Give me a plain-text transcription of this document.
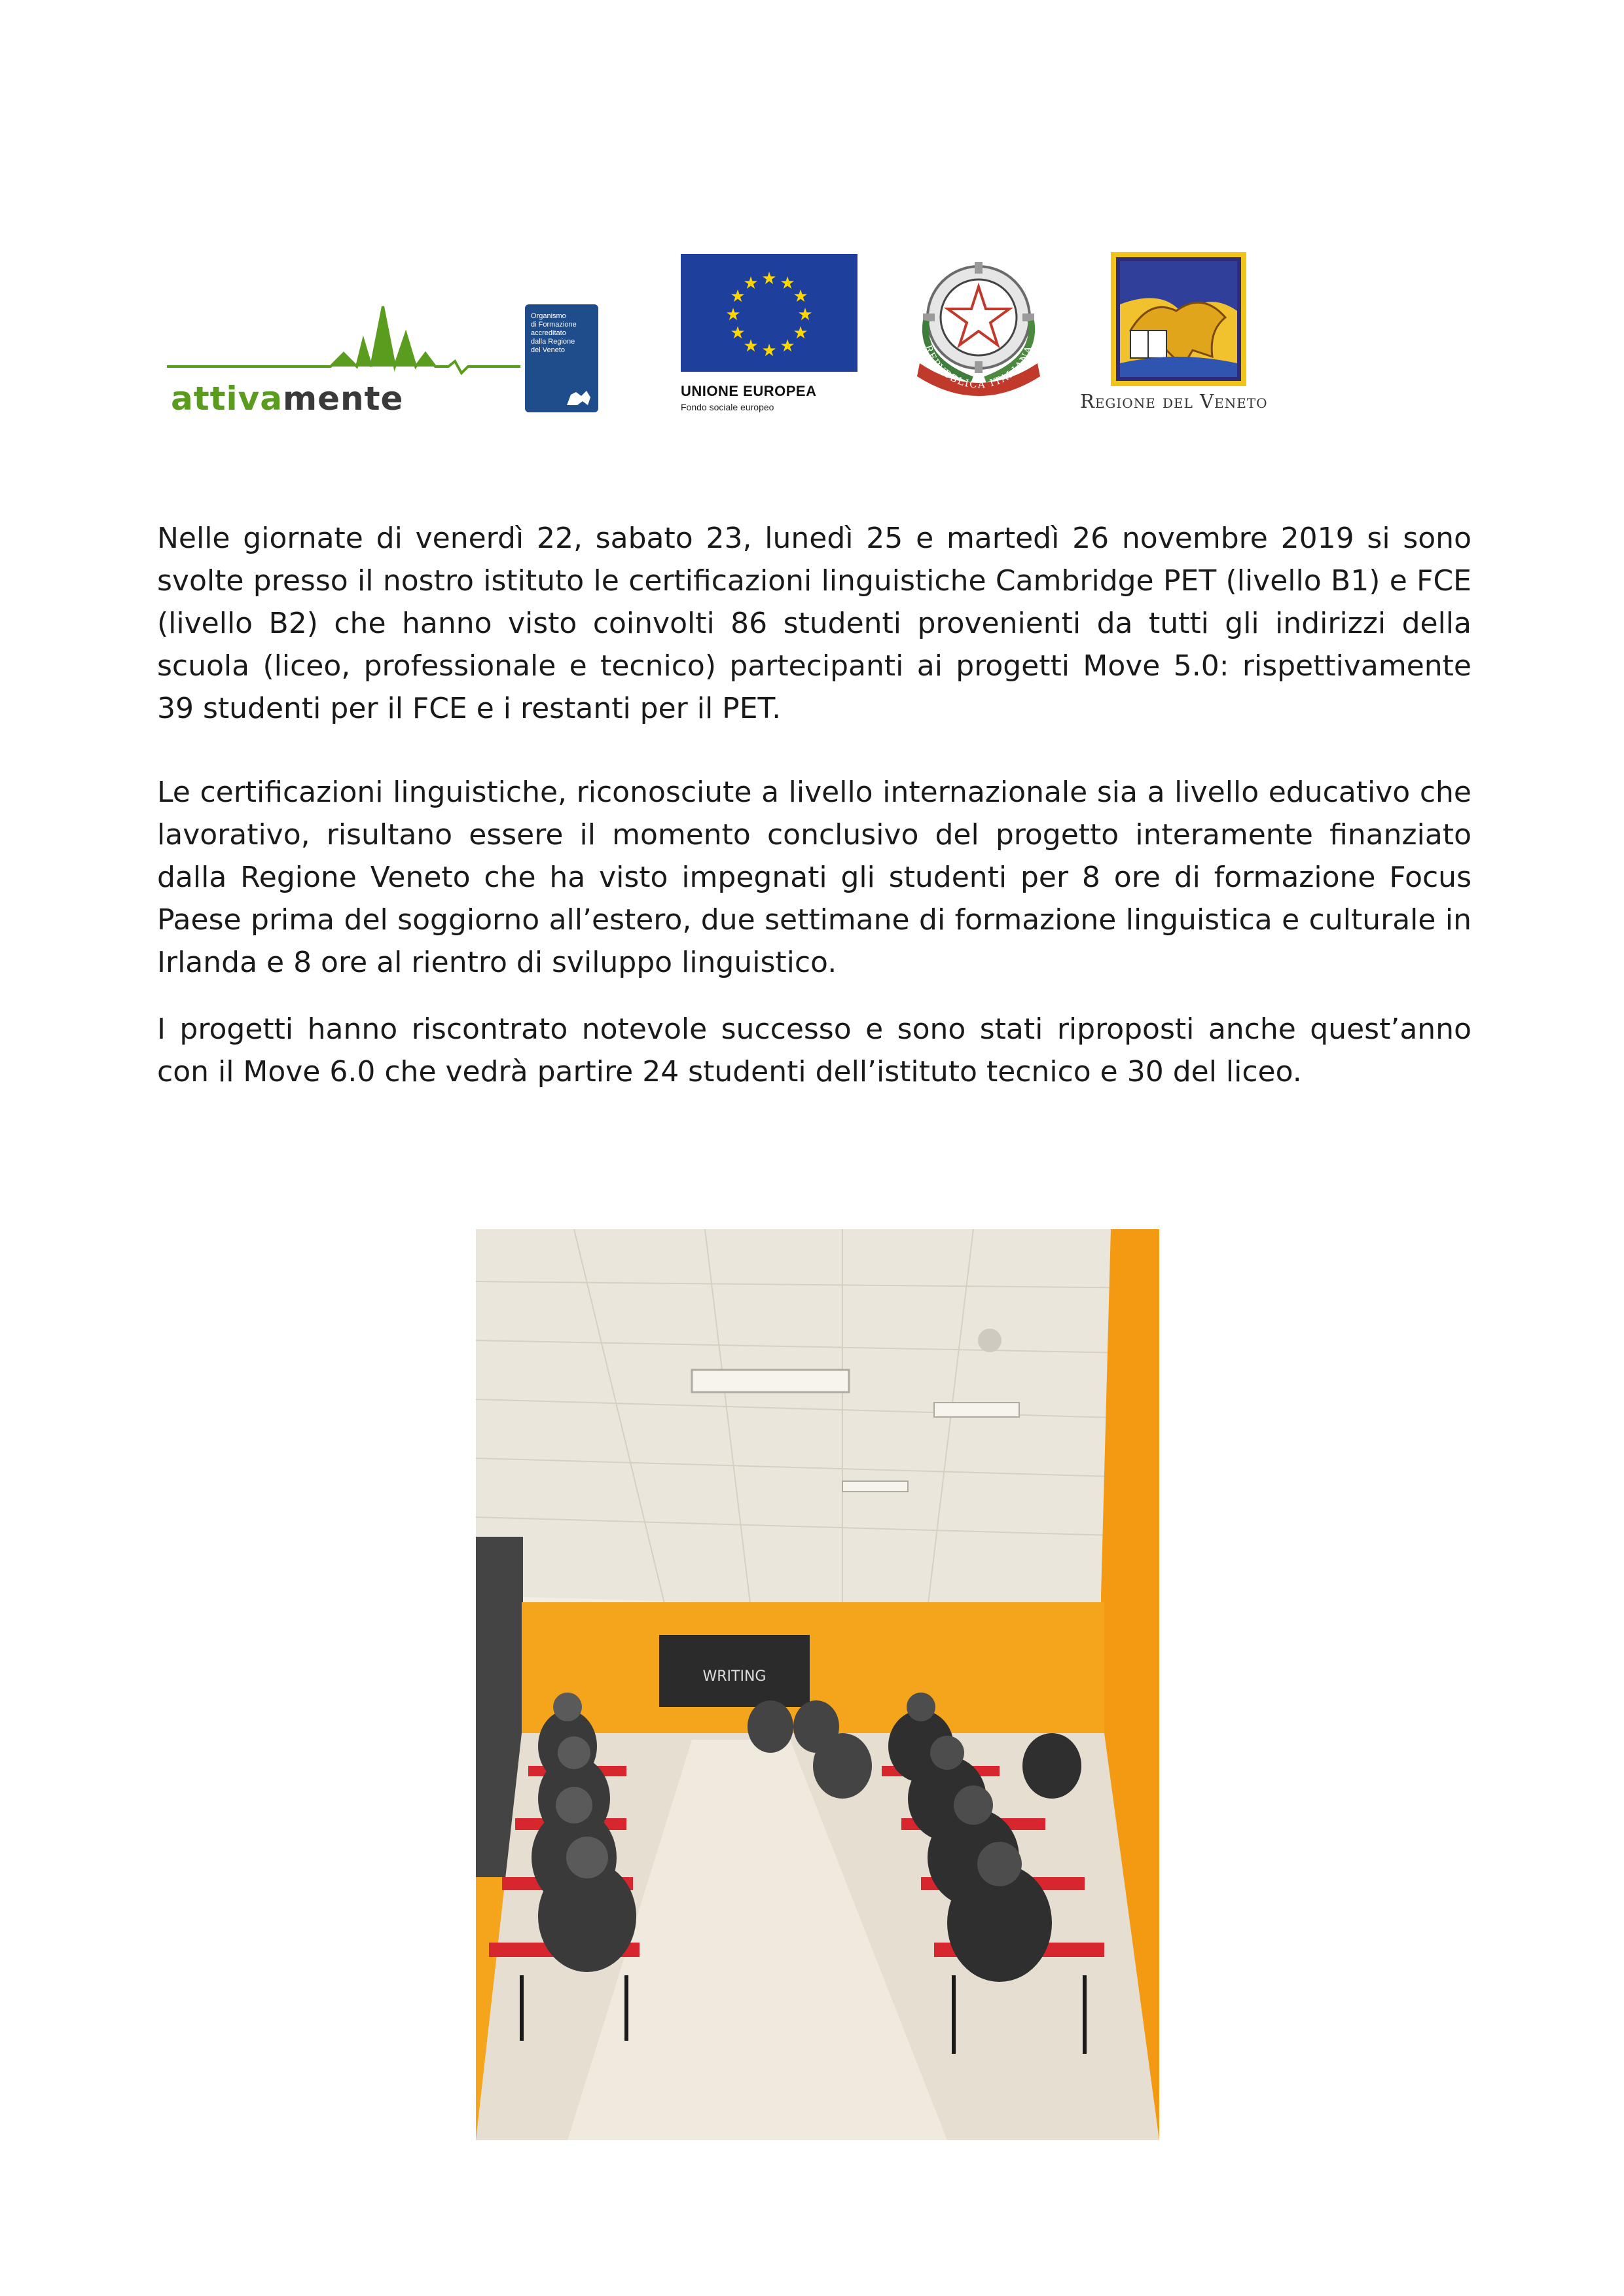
attivamente
Organismo
di Formazione
accreditato
dalla Regione
del Veneto
★ ★
★
★
★
★
★
★
★
★
★
★
UNIONE EUROPEA
Fondo sociale europeo
REPVBBLICA ITALIANA
Regione del Veneto

Nelle giornate di venerdì 22, sabato 23, lunedì 25 e martedì 26 novembre 2019 si sono svolte presso il nostro istituto le certificazioni linguistiche Cambridge PET (livello B1) e FCE (livello B2) che hanno visto coinvolti 86 studenti provenienti da tutti gli indirizzi della scuola (liceo, professionale e tecnico) partecipanti ai progetti Move 5.0: rispettivamente 39 studenti per il FCE e i restanti per il PET.

Le certificazioni linguistiche, riconosciute a livello internazionale sia a livello educativo che lavorativo, risultano essere il momento conclusivo del progetto interamente finanziato dalla Regione Veneto che ha visto impegnati gli studenti per 8 ore di formazione Focus Paese prima del soggiorno all’estero, due settimane di formazione linguistica e culturale in Irlanda e 8 ore al rientro di sviluppo linguistico.

I progetti hanno riscontrato notevole successo e sono stati riproposti anche quest’anno con il Move 6.0 che vedrà partire 24 studenti dell’istituto tecnico e 30 del liceo.

WRITING
